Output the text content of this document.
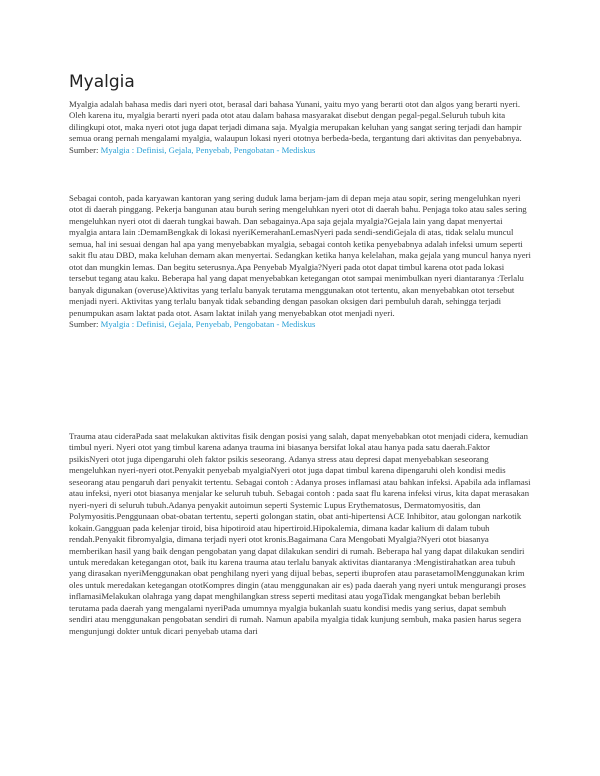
Myalgia

Myalgia adalah bahasa medis dari nyeri otot, berasal dari bahasa Yunani, yaitu myo yang berarti otot dan algos yang berarti nyeri. Oleh karena itu, myalgia berarti nyeri pada otot atau dalam bahasa masyarakat disebut dengan pegal-pegal.Seluruh tubuh kita dilingkupi otot, maka nyeri otot juga dapat terjadi dimana saja. Myalgia merupakan keluhan yang sangat sering terjadi dan hampir semua orang pernah mengalami myalgia, walaupun lokasi nyeri ototnya berbeda-beda, tergantung dari aktivitas dan penyebabnya.

Sumber: Myalgia : Definisi, Gejala, Penyebab, Pengobatan - Mediskus

Sebagai contoh, pada karyawan kantoran yang sering duduk lama berjam-jam di depan meja atau sopir, sering mengeluhkan nyeri otot di daerah pinggang. Pekerja bangunan atau buruh sering mengeluhkan nyeri otot di daerah bahu. Penjaga toko atau sales sering mengeluhkan nyeri otot di daerah tungkai bawah. Dan sebagainya.Apa saja gejala myalgia?Gejala lain yang dapat menyertai myalgia antara lain :DemamBengkak di lokasi nyeriKemerahanLemasNyeri pada sendi-sendiGejala di atas, tidak selalu muncul semua, hal ini sesuai dengan hal apa yang menyebabkan myalgia, sebagai contoh ketika penyebabnya adalah infeksi umum seperti sakit flu atau DBD, maka keluhan demam akan menyertai. Sedangkan ketika hanya kelelahan, maka gejala yang muncul hanya nyeri otot dan mungkin lemas. Dan begitu seterusnya.Apa Penyebab Myalgia?Nyeri pada otot dapat timbul karena otot pada lokasi tersebut tegang atau kaku. Beberapa hal yang dapat menyebabkan ketegangan otot sampai menimbulkan nyeri diantaranya :Terlalu banyak digunakan (overuse)Aktivitas yang terlalu banyak terutama menggunakan otot tertentu, akan menyebabkan otot tersebut menjadi nyeri. Aktivitas yang terlalu banyak tidak sebanding dengan pasokan oksigen dari pembuluh darah, sehingga terjadi penumpukan asam laktat pada otot. Asam laktat inilah yang menyebabkan otot menjadi nyeri.

Sumber: Myalgia : Definisi, Gejala, Penyebab, Pengobatan - Mediskus

Trauma atau cideraPada saat melakukan aktivitas fisik dengan posisi yang salah, dapat menyebabkan otot menjadi cidera, kemudian timbul nyeri. Nyeri otot yang timbul karena adanya trauma ini biasanya bersifat lokal atau hanya pada satu daerah.Faktor psikisNyeri otot juga dipengaruhi oleh faktor psikis seseorang. Adanya stress atau depresi dapat menyebabkan seseorang mengeluhkan nyeri-nyeri otot.Penyakit penyebab myalgiaNyeri otot juga dapat timbul karena dipengaruhi oleh kondisi medis seseorang atau pengaruh dari penyakit tertentu. Sebagai contoh : Adanya proses inflamasi atau bahkan infeksi. Apabila ada inflamasi atau infeksi, nyeri otot biasanya menjalar ke seluruh tubuh. Sebagai contoh : pada saat flu karena infeksi virus, kita dapat merasakan nyeri-nyeri di seluruh tubuh.Adanya penyakit autoimun seperti Systemic Lupus Erythematosus, Dermatomyositis, dan Polymyositis.Penggunaan obat-obatan tertentu, seperti golongan statin, obat anti-hipertensi ACE Inhibitor, atau golongan narkotik kokain.Gangguan pada kelenjar tiroid, bisa hipotiroid atau hipertiroid.Hipokalemia, dimana kadar kalium di dalam tubuh rendah.Penyakit fibromyalgia, dimana terjadi nyeri otot kronis.Bagaimana Cara Mengobati Myalgia?Nyeri otot biasanya memberikan hasil yang baik dengan pengobatan yang dapat dilakukan sendiri di rumah. Beberapa hal yang dapat dilakukan sendiri untuk meredakan ketegangan otot, baik itu karena trauma atau terlalu banyak aktivitas diantaranya :Mengistirahatkan area tubuh yang dirasakan nyeriMenggunakan obat penghilang nyeri yang dijual bebas, seperti ibuprofen atau parasetamolMenggunakan krim oles untuk meredakan ketegangan ototKompres dingin (atau menggunakan air es) pada daerah yang nyeri untuk mengurangi proses inflamasiMelakukan olahraga yang dapat menghilangkan stress seperti meditasi atau yogaTidak mengangkat beban berlebih terutama pada daerah yang mengalami nyeriPada umumnya myalgia bukanlah suatu kondisi medis yang serius, dapat sembuh sendiri atau menggunakan pengobatan sendiri di rumah. Namun apabila myalgia tidak kunjung sembuh, maka pasien harus segera mengunjungi dokter untuk dicari penyebab utama dari
